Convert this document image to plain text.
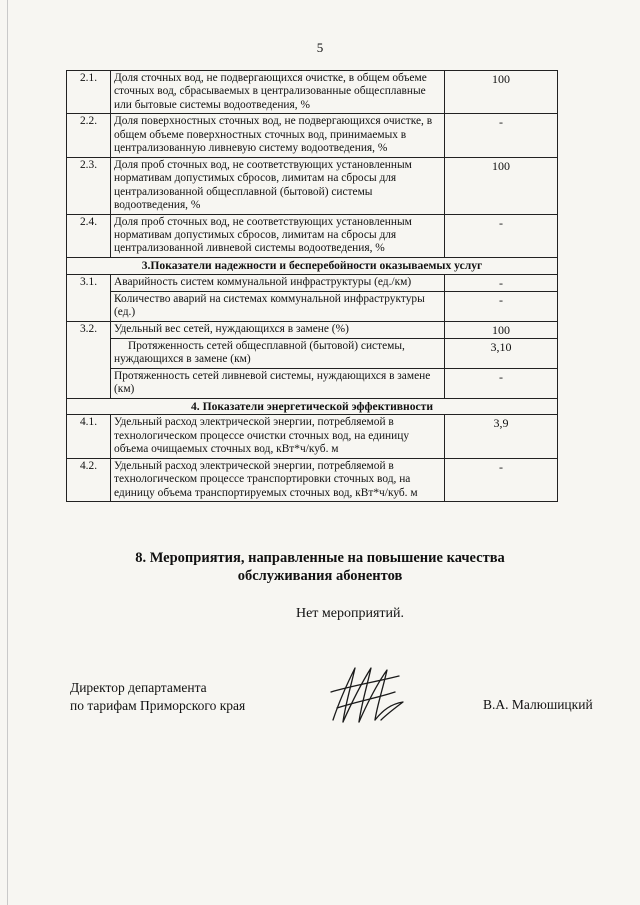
5
2.1.	Доля сточных вод, не подвергающихся очистке, в общем объеме сточных вод, сбрасываемых в централизованные общесплавные или бытовые системы водоотведения, %	100
2.2.	Доля поверхностных сточных вод, не подвергающихся очистке, в общем объеме поверхностных сточных вод, принимаемых в централизованную ливневую систему водоотведения, %	-
2.3.	Доля проб сточных вод, не соответствующих установленным нормативам допустимых сбросов, лимитам на сбросы для централизованной общесплавной (бытовой) системы водоотведения, %	100
2.4.	Доля проб сточных вод, не соответствующих установленным нормативам допустимых сбросов, лимитам на сбросы для централизованной ливневой системы водоотведения, %	-
3.Показатели надежности и бесперебойности оказываемых услуг		
3.1.	Аварийность систем коммунальной инфраструктуры (ед./км)	-
	Количество аварий на системах коммунальной инфраструктуры (ед.)	-
3.2.	Удельный вес сетей, нуждающихся в замене (%)	100

	Протяженность сетей общесплавной (бытовой) системы, нуждающихся в замене (км)	3,10
	Протяженность сетей ливневой системы, нуждающихся в замене (км)	-
4. Показатели энергетической эффективности		
4.1.	Удельный расход электрической энергии, потребляемой в технологическом процессе очистки сточных вод, на единицу объема очищаемых сточных вод, кВт*ч/куб. м	3,9
4.2.	Удельный расход электрической энергии, потребляемой в технологическом процессе транспортировки сточных вод, на единицу объема транспортируемых сточных вод, кВт*ч/куб. м	-
8. Мероприятия, направленные на повышение качества
обслуживания абонентов
Нет мероприятий.
Директор департамента
по тарифам Приморского края	В.А. Малюшицкий
